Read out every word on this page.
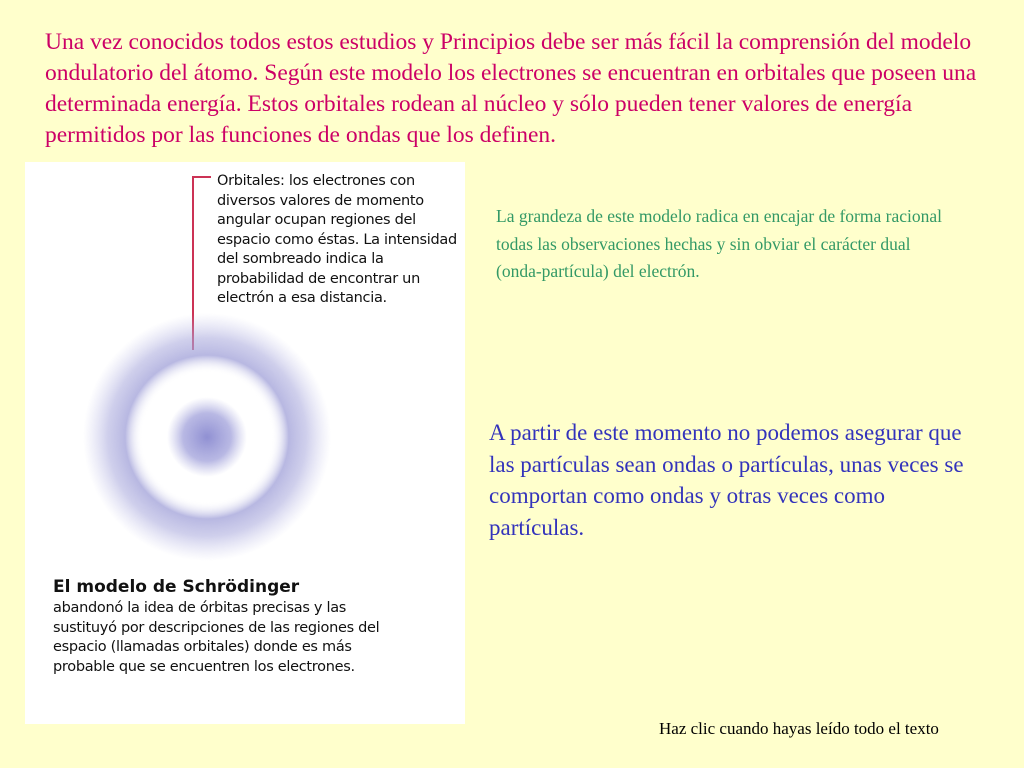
Una vez conocidos todos estos estudios y Principios debe ser más fácil la comprensión del modelo ondulatorio del átomo. Según este modelo los electrones se encuentran en orbitales que poseen una determinada energía. Estos orbitales rodean al núcleo y sólo pueden tener valores de energía permitidos por las funciones de ondas que los definen.

Orbitales: los electrones con diversos valores de momento angular ocupan regiones del espacio como éstas. La intensidad del sombreado indica la probabilidad de encontrar un electrón a esa distancia.

El modelo de Schrödinger

abandonó la idea de órbitas precisas y las sustituyó por descripciones de las regiones del espacio (llamadas orbitales) donde es más probable que se encuentren los electrones.

La grandeza de este modelo radica en encajar de forma racional todas las observaciones hechas y sin obviar el carácter dual (onda-partícula) del electrón.

A partir de este momento no podemos asegurar que las partículas sean ondas o partículas, unas veces se comportan como ondas y otras veces como partículas.

Haz clic cuando hayas leído todo el texto
